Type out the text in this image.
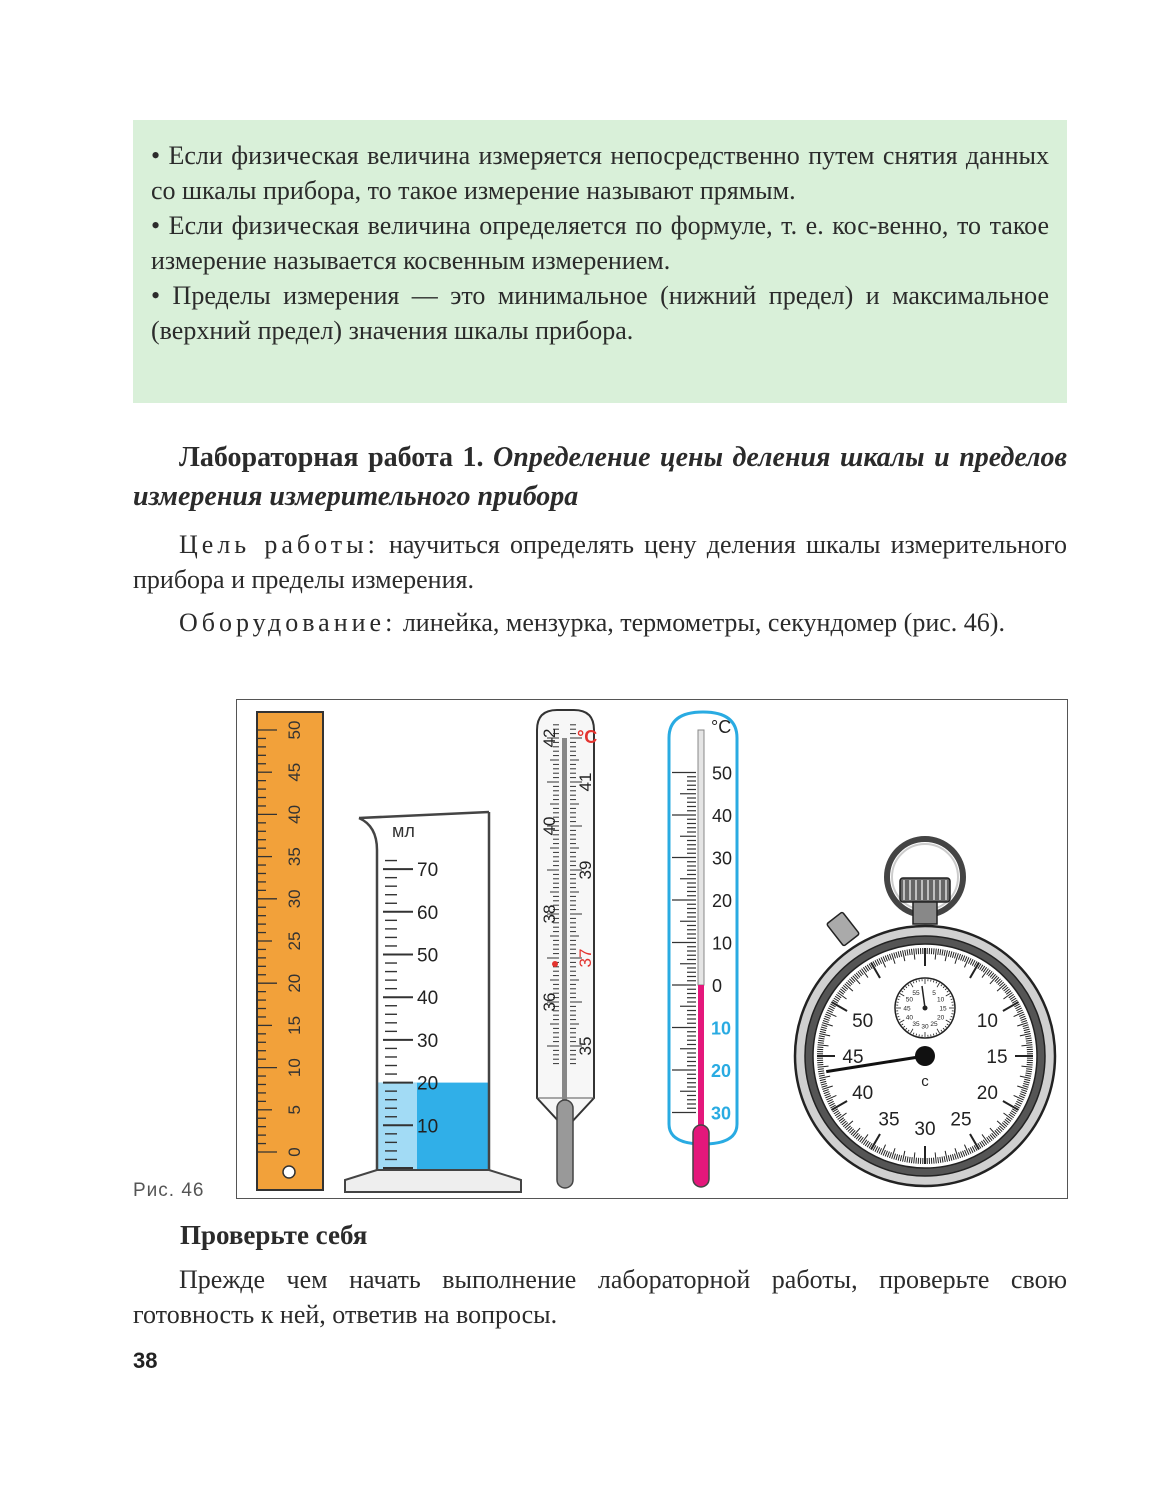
• Если физическая величина измеряется непосредственно путем снятия данных со шкалы прибора, то такое измерение называют прямым.

• Если физическая величина определяется по формуле, т. е. кос-венно, то такое измерение называется косвенным измерением.

• Пределы измерения — это минимальное (нижний предел) и максимальное (верхний предел) значения шкалы прибора.

Лабораторная работа 1. Определение цены деления шкалы и пределов измерения измерительного прибора

Цель работы: научиться определять цену деления шкалы измерительного прибора и пределы измерения.

Оборудование: линейка, мензурка, термометры, секундомер (рис. 46).

0
5
10
15
20
25
30
35
40
45
50
мл
10
20
30
40
50
60
70
°C
35
36
37
38
39
40
41
42
°C
0
10
20
30
40
50
10
20
30
50	10
45	15
40	20
35 30 25
30
5
10
15
20
25
45
40
35
50
55
с
Рис. 46
Проверьте себя

Прежде чем начать выполнение лабораторной работы, проверьте свою готовность к ней, ответив на вопросы.

38
